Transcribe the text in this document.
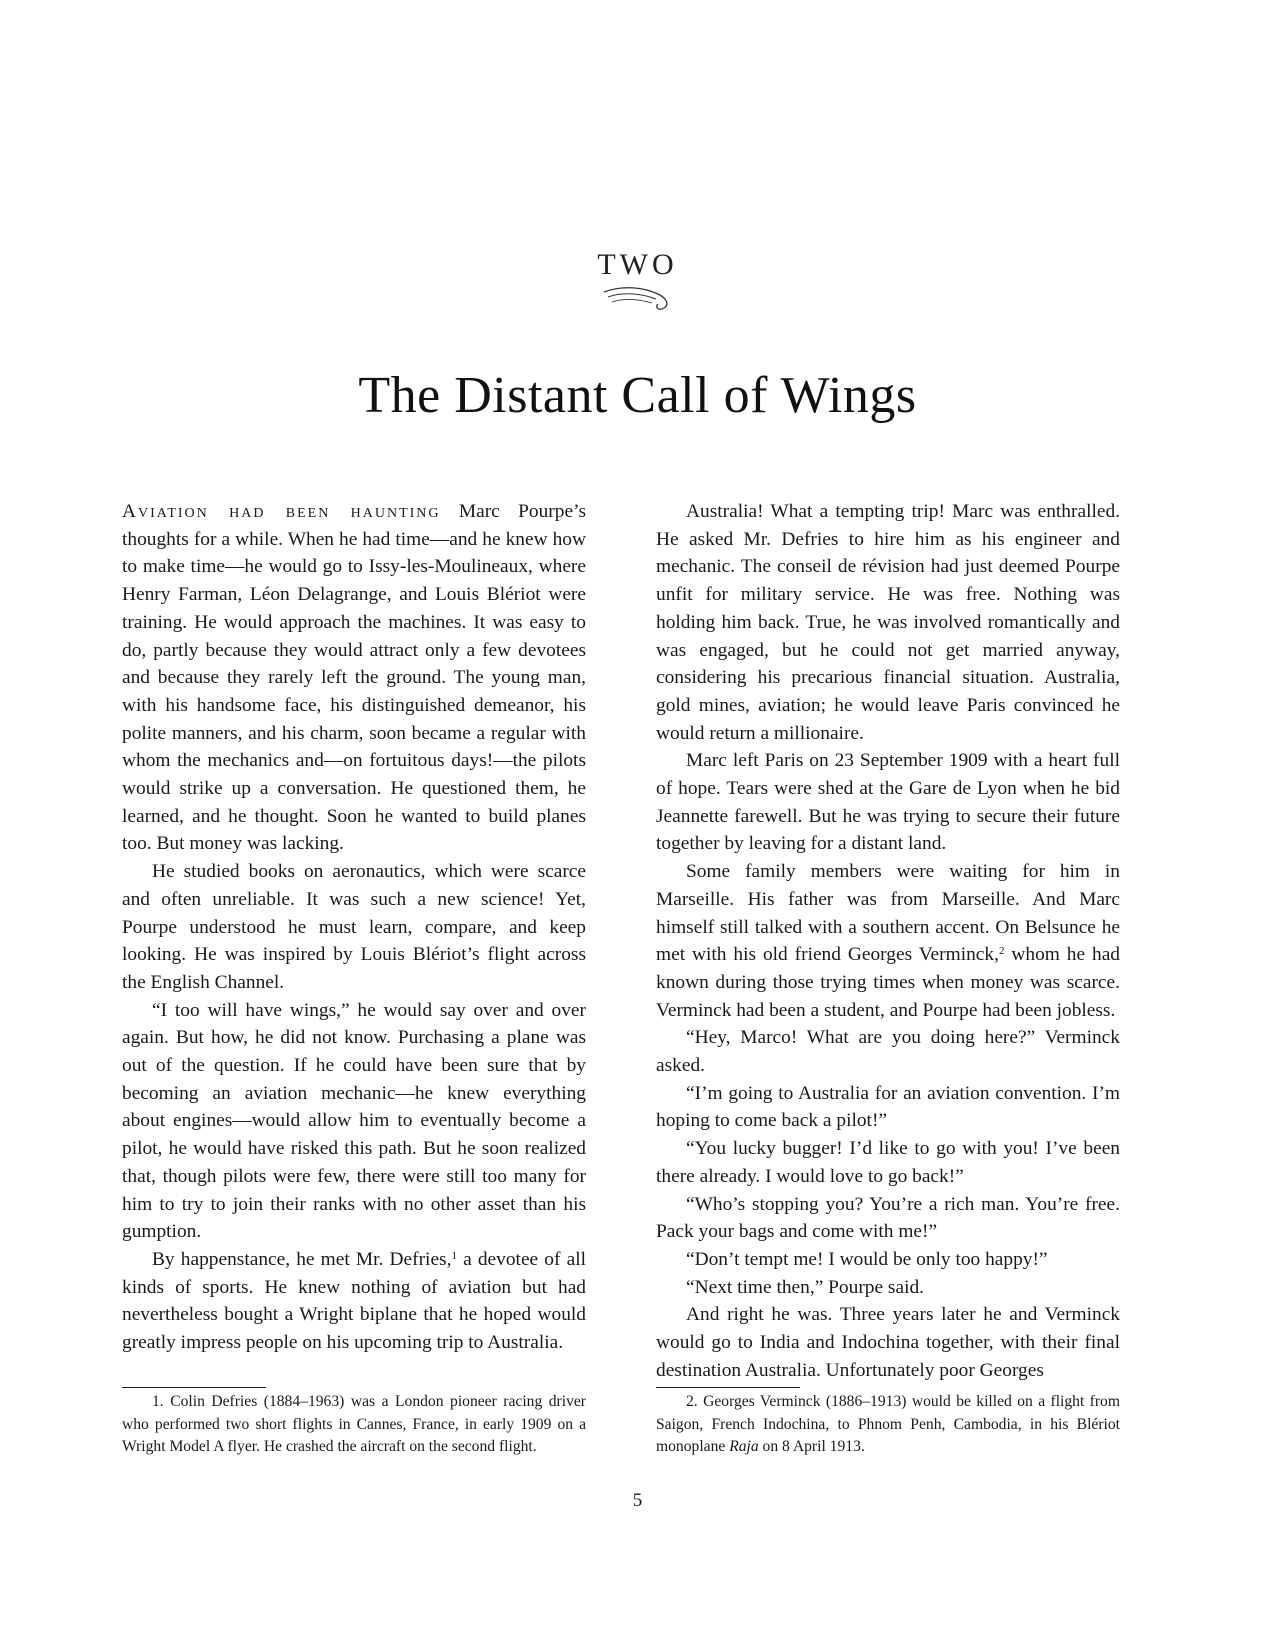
TWO
The Distant Call of Wings

Aviation had been haunting Marc Pourpe’s thoughts for a while. When he had time—and he knew how to make time—he would go to Issy-les-Moulineaux, where Henry Farman, Léon Delagrange, and Louis Blériot were training. He would approach the machines. It was easy to do, partly because they would attract only a few devotees and because they rarely left the ground. The young man, with his handsome face, his distinguished demeanor, his polite manners, and his charm, soon became a regular with whom the mechanics and—on fortuitous days!—the pilots would strike up a conversation. He questioned them, he learned, and he thought. Soon he wanted to build planes too. But money was lacking.

He studied books on aeronautics, which were scarce and often unreliable. It was such a new science! Yet, Pourpe understood he must learn, compare, and keep looking. He was inspired by Louis Blériot’s flight across the English Channel.

“I too will have wings,” he would say over and over again. But how, he did not know. Purchasing a plane was out of the question. If he could have been sure that by becoming an aviation mechanic—he knew everything about engines—would allow him to eventually become a pilot, he would have risked this path. But he soon realized that, though pilots were few, there were still too many for him to try to join their ranks with no other asset than his gumption.

By happenstance, he met Mr. Defries,$^1$ a devotee of all kinds of sports. He knew nothing of aviation but had nevertheless bought a Wright biplane that he hoped would greatly impress people on his upcoming trip to Australia.

Australia! What a tempting trip! Marc was enthralled. He asked Mr. Defries to hire him as his engineer and mechanic. The conseil de révision had just deemed Pourpe unfit for military service. He was free. Nothing was holding him back. True, he was involved romantically and was engaged, but he could not get married anyway, considering his precarious financial situation. Australia, gold mines, aviation; he would leave Paris convinced he would return a millionaire.

Marc left Paris on 23 September 1909 with a heart full of hope. Tears were shed at the Gare de Lyon when he bid Jeannette farewell. But he was trying to secure their future together by leaving for a distant land.

Some family members were waiting for him in Marseille. His father was from Marseille. And Marc himself still talked with a southern accent. On Belsunce he met with his old friend Georges Verminck,$^2$ whom he had known during those trying times when money was scarce. Verminck had been a student, and Pourpe had been jobless.

“Hey, Marco! What are you doing here?” Verminck asked.

“I’m going to Australia for an aviation convention. I’m hoping to come back a pilot!”

“You lucky bugger! I’d like to go with you! I’ve been there already. I would love to go back!”

“Who’s stopping you? You’re a rich man. You’re free. Pack your bags and come with me!”

“Don’t tempt me! I would be only too happy!”

“Next time then,” Pourpe said.

And right he was. Three years later he and Verminck would go to India and Indochina together, with their final destination Australia. Unfortunately poor Georges

1. Colin Defries (1884–1963) was a London pioneer racing driver who performed two short flights in Cannes, France, in early 1909 on a Wright Model A flyer. He crashed the aircraft on the second flight.

2. Georges Verminck (1886–1913) would be killed on a flight from Saigon, French Indochina, to Phnom Penh, Cambodia, in his Blériot monoplane Raja on 8 April 1913.

5
